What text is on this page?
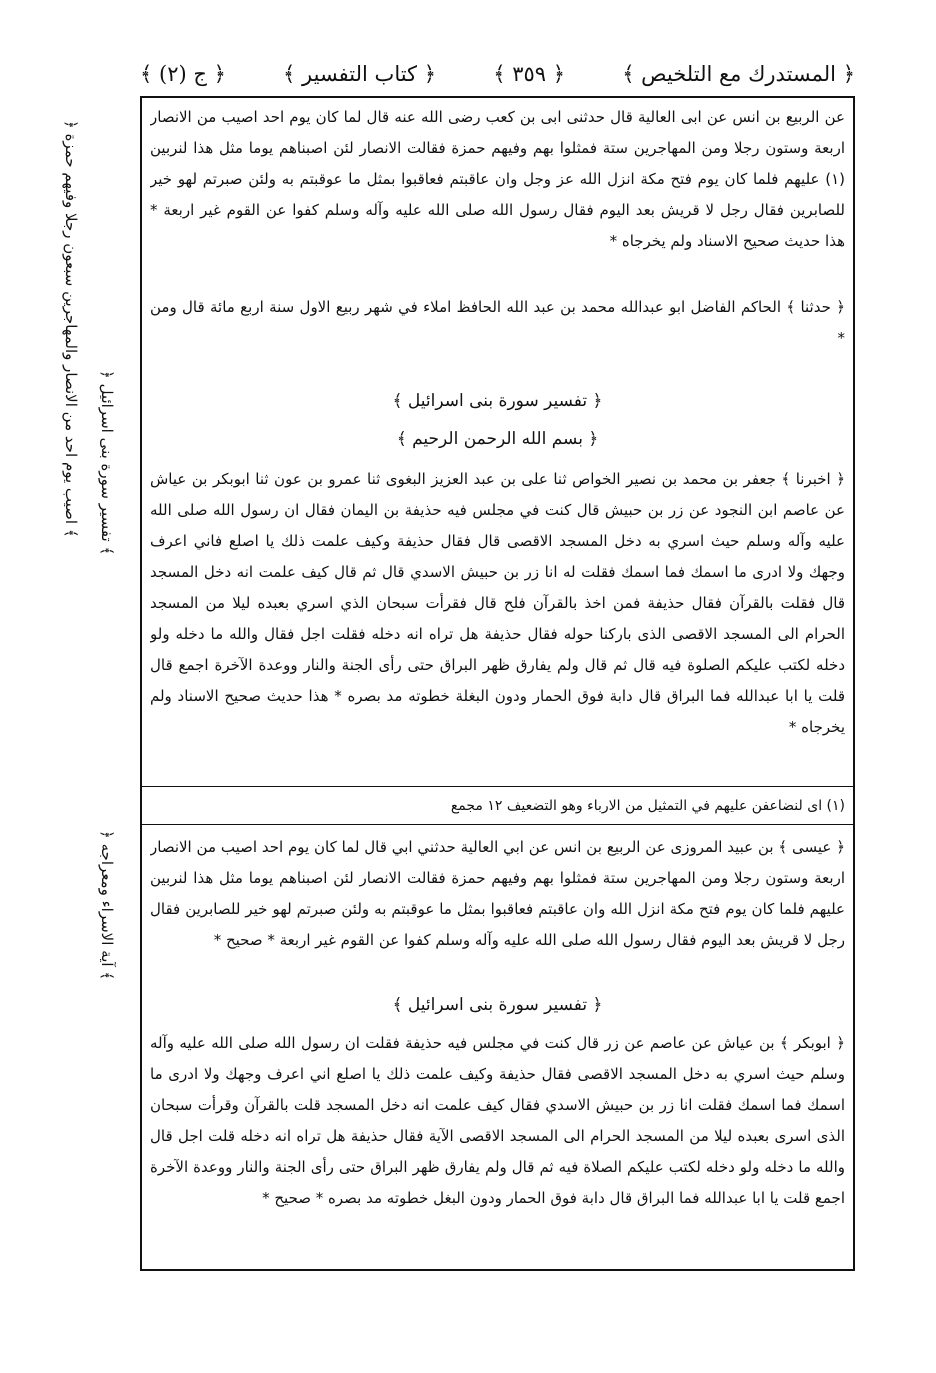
﴿ المستدرك مع التلخيص ﴾
﴿ ٣٥٩ ﴾
﴿ كتاب التفسير ﴾
﴿ ج (٢) ﴾

عن الربيع بن انس عن ابى العالية قال حدثنى ابى بن كعب رضى الله عنه قال لما كان يوم احد اصيب من الانصار اربعة وستون رجلا ومن المهاجرين ستة فمثلوا بهم وفيهم حمزة فقالت الانصار لئن اصبناهم يوما مثل هذا لنربين (١) عليهم فلما كان يوم فتح مكة انزل الله عز وجل وان عاقبتم فعاقبوا بمثل ما عوقبتم به ولئن صبرتم لهو خير للصابرين فقال رجل لا قريش بعد اليوم فقال رسول الله صلى الله عليه وآله وسلم كفوا عن القوم غير اربعة * هذا حديث صحيح الاسناد ولم يخرجاه *

﴿ حدثنا ﴾ الحاكم الفاضل ابو عبدالله محمد بن عبد الله الحافظ املاء في شهر ربيع الاول سنة اربع مائة قال ومن *

﴿ تفسير سورة بنى اسرائيل ﴾
﴿ بسم الله الرحمن الرحيم ﴾

﴿ اخبرنا ﴾ جعفر بن محمد بن نصير الخواص ثنا على بن عبد العزيز البغوى ثنا عمرو بن عون ثنا ابوبكر بن عياش عن عاصم ابن النجود عن زر بن حبيش قال كنت في مجلس فيه حذيفة بن اليمان فقال ان رسول الله صلى الله عليه وآله وسلم حيث اسري به دخل المسجد الاقصى قال فقال حذيفة وكيف علمت ذلك يا اصلع فاني اعرف وجهك ولا ادرى ما اسمك فما اسمك فقلت له انا زر بن حبيش الاسدي قال ثم قال كيف علمت انه دخل المسجد قال فقلت بالقرآن فقال حذيفة فمن اخذ بالقرآن فلح قال فقرأت سبحان الذي اسري بعبده ليلا من المسجد الحرام الى المسجد الاقصى الذى باركنا حوله فقال حذيفة هل تراه انه دخله فقلت اجل فقال والله ما دخله ولو دخله لكتب عليكم الصلوة فيه قال ثم قال ولم يفارق ظهر البراق حتى رأى الجنة والنار ووعدة الآخرة اجمع قال قلت يا ابا عبدالله فما البراق قال دابة فوق الحمار ودون البغلة خطوته مد بصره * هذا حديث صحيح الاسناد ولم يخرجاه *

(١) اى لنضاعفن عليهم في التمثيل من الارباء وهو التضعيف ١٢ مجمع

﴿ عيسى ﴾ بن عبيد المروزى عن الربيع بن انس عن ابي العالية حدثني ابي قال لما كان يوم احد اصيب من الانصار اربعة وستون رجلا ومن المهاجرين ستة فمثلوا بهم وفيهم حمزة فقالت الانصار لئن اصبناهم يوما مثل هذا لنربين عليهم فلما كان يوم فتح مكة انزل الله وان عاقبتم فعاقبوا بمثل ما عوقبتم به ولئن صبرتم لهو خير للصابرين فقال رجل لا قريش بعد اليوم فقال رسول الله صلى الله عليه وآله وسلم كفوا عن القوم غير اربعة * صحيح *

﴿ تفسير سورة بنى اسرائيل ﴾

﴿ ابوبكر ﴾ بن عياش عن عاصم عن زر قال كنت في مجلس فيه حذيفة فقلت ان رسول الله صلى الله عليه وآله وسلم حيث اسري به دخل المسجد الاقصى فقال حذيفة وكيف علمت ذلك يا اصلع اني اعرف وجهك ولا ادرى ما اسمك فما اسمك فقلت انا زر بن حبيش الاسدي فقال كيف علمت انه دخل المسجد قلت بالقرآن وقرأت سبحان الذى اسرى بعبده ليلا من المسجد الحرام الى المسجد الاقصى الآية فقال حذيفة هل تراه انه دخله قلت اجل قال والله ما دخله ولو دخله لكتب عليكم الصلاة فيه ثم قال ولم يفارق ظهر البراق حتى رأى الجنة والنار ووعدة الآخرة اجمع قلت يا ابا عبدالله فما البراق قال دابة فوق الحمار ودون البغل خطوته مد بصره * صحيح *

﴿ اصيب يوم احد من الانصار والمهاجرين سبعون رجلا وفيهم حمزة ﴾
﴿ تفسير سورة بنى اسرائيل ﴾
﴿ آية الاسراء ومعراجه ﴾
